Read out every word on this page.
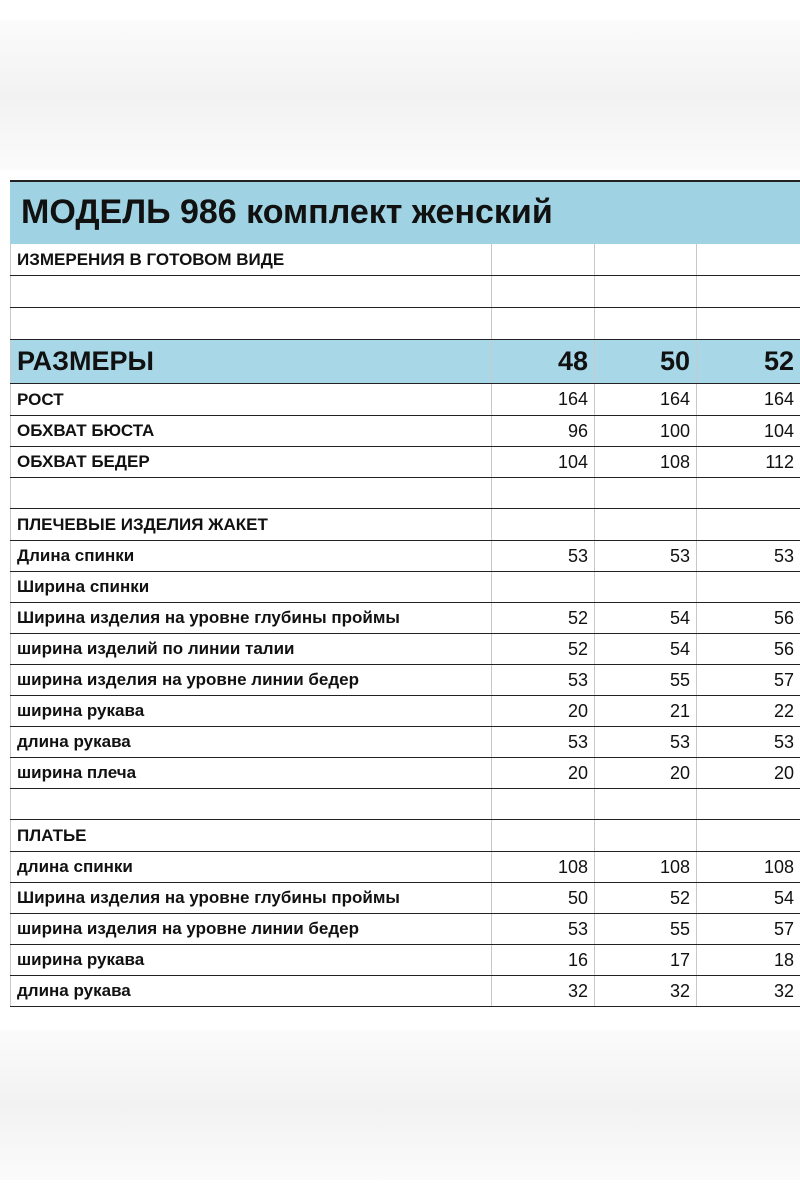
МОДЕЛЬ 986 комплект женский			
ИЗМЕРЕНИЯ В ГОТОВОМ ВИДЕ			

РАЗМЕРЫ	48	50	52
РОСТ	164	164	164
ОБХВАТ БЮСТА	96	100	104
ОБХВАТ БЕДЕР	104	108	112

ПЛЕЧЕВЫЕ ИЗДЕЛИЯ ЖАКЕТ			
Длина спинки	53	53	53
Ширина спинки			
Ширина изделия на уровне глубины проймы	52	54	56
ширина изделий по линии талии	52	54	56
ширина изделия на уровне линии бедер	53	55	57
ширина рукава	20	21	22
длина рукава	53	53	53
ширина плеча	20	20	20

ПЛАТЬЕ			
длина спинки	108	108	108
Ширина изделия на уровне глубины проймы	50	52	54
ширина изделия на уровне линии бедер	53	55	57
ширина рукава	16	17	18
длина рукава	32	32	32
